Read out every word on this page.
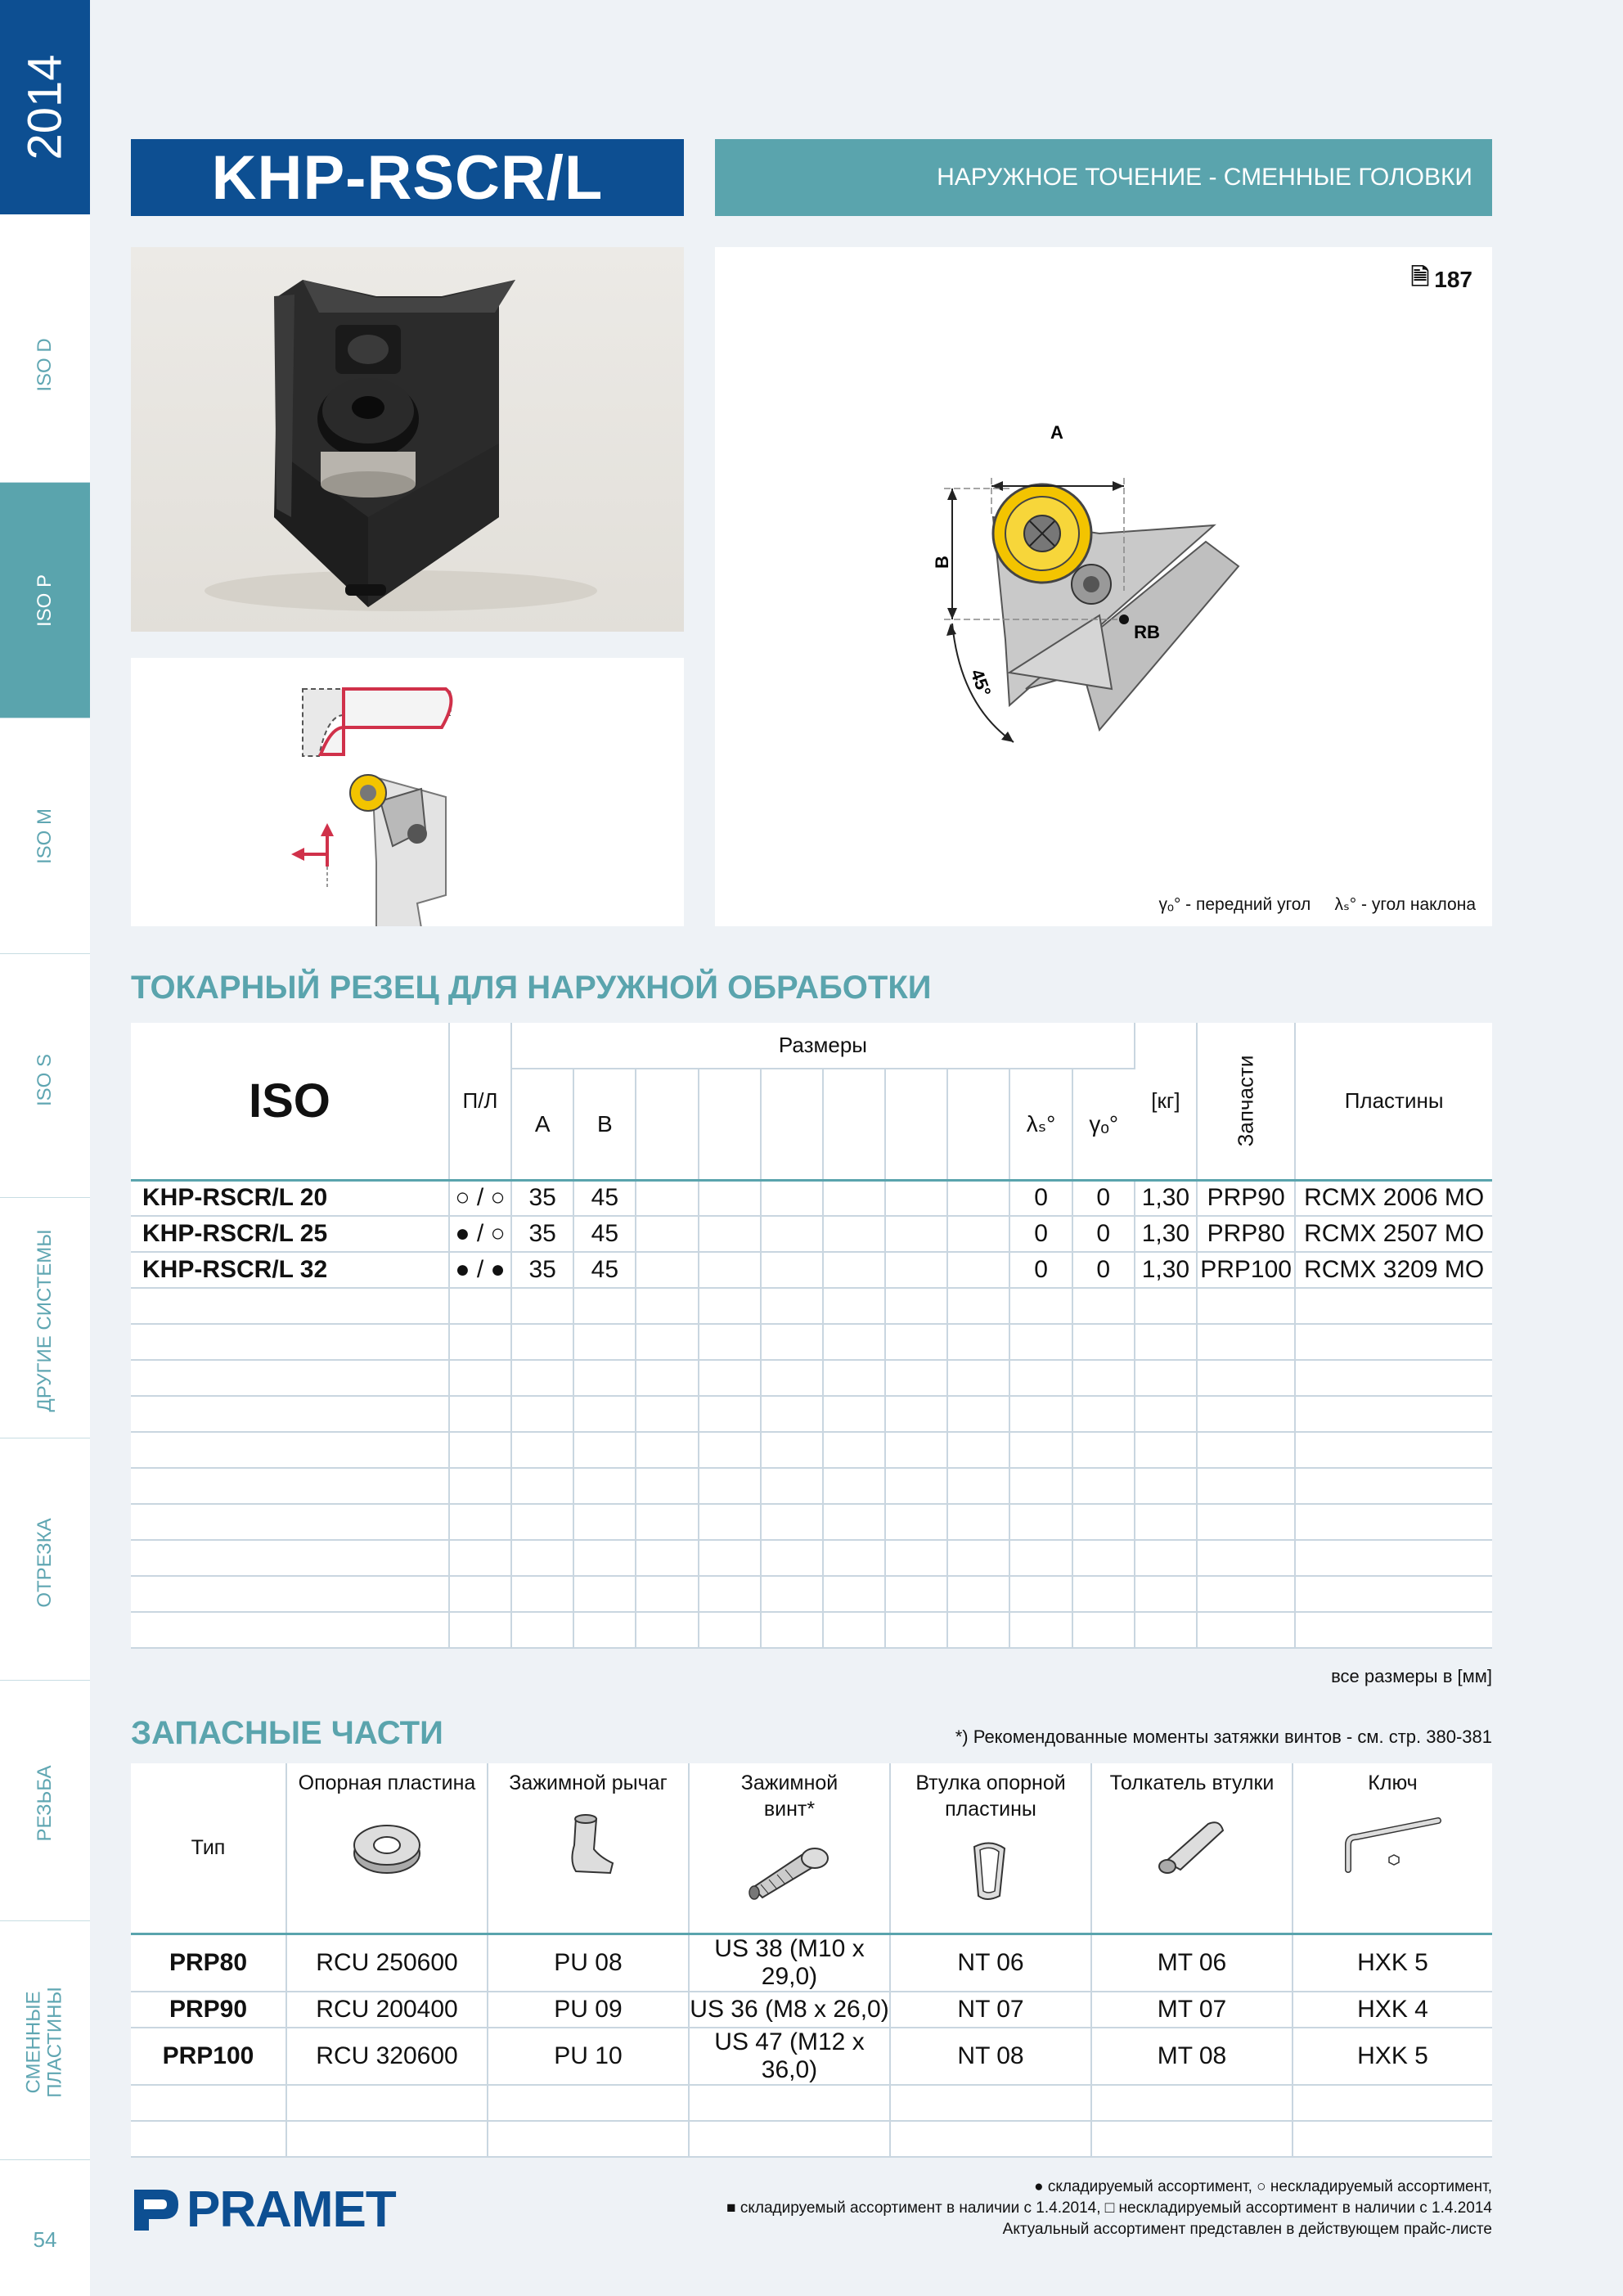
2014
ISO D
ISO P
ISO M
ISO S
ДРУГИЕ СИСТЕМЫ
ОТРЕЗКА
РЕЗЬБА
СМЕННЫЕ ПЛАСТИНЫ
54
KHP-RSCR/L	НАРУЖНОЕ ТОЧЕНИЕ - СМЕННЫЕ ГОЛОВКИ
🗎 187
A
B
RB
45°
γₒ° - передний угол λₛ° - угол наклона
ТОКАРНЫЙ РЕЗЕЦ ДЛЯ НАРУЖНОЙ ОБРАБОТКИ
ISO	П/Л	Размеры										[кг]	Запчасти	Пластины
		A	B							λₛ°	γₒ°			
KHP-RSCR/L 20	○ / ○	35	45							0	0	1,30	PRP90	RCMX 2006 MO
KHP-RSCR/L 25	● / ○	35	45							0	0	1,30	PRP80	RCMX 2507 MO
KHP-RSCR/L 32	● / ●	35	45							0	0	1,30	PRP100	RCMX 3209 MO

все размеры в [мм]
ЗАПАСНЫЕ ЧАСТИ	*) Рекомендованные моменты затяжки винтов - см. стр. 380-381
Тип	Опорная пластина	Зажимной рычаг	Зажимной винт*	Втулка опорной пластины	Толкатель втулки	Ключ

PRP80	RCU 250600	PU 08	US 38 (M10 x 29,0)	NT 06	MT 06	HXK 5
PRP90	RCU 200400	PU 09	US 36 (M8 x 26,0)	NT 07	MT 07	HXK 4
PRP100	RCU 320600	PU 10	US 47 (M12 x 36,0)	NT 08	MT 08	HXK 5

PRAMET	● складируемый ассортимент, ○ нескладируемый ассортимент,
■ складируемый ассортимент в наличии с 1.4.2014, □ нескладируемый ассортимент в наличии с 1.4.2014
Актуальный ассортимент представлен в действующем прайс-листе
